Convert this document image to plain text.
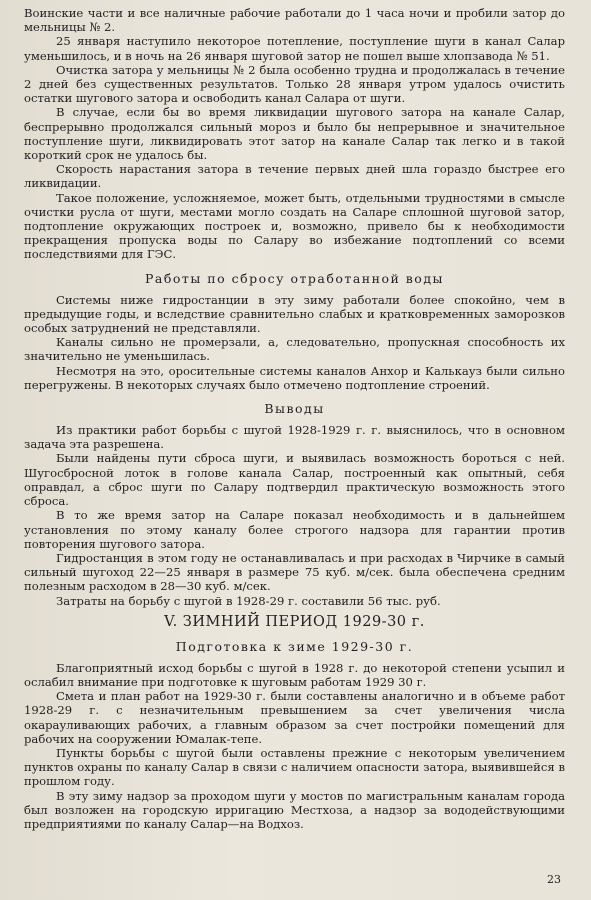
Воинские части и все наличные рабочие работали до 1 часа ночи и пробили затор до мельницы № 2.

25 января наступило некоторое потепление, поступление шуги в канал Салар уменьшилось, и в ночь на 26 января шуговой затор не пошел выше хлопзавода № 51.

Очистка затора у мельницы № 2 была особенно трудна и продолжалась в течение 2 дней без существенных результатов. Только 28 января утром удалось очистить остатки шугового затора и освободить канал Салара от шуги.

В случае, если бы во время ликвидации шугового затора на канале Салар, беспрерывно продолжался сильный мороз и было бы непрерывное и значительное поступление шуги, ликвидировать этот затор на канале Салар так легко и в такой короткий срок не удалось бы.

Скорость нарастания затора в течение первых дней шла гораздо быстрее его ликвидации.

Такое положение, усложняемое, может быть, отдельными трудностями в смысле очистки русла от шуги, местами могло создать на Саларе сплошной шуговой затор, подтопление окружающих построек и, возможно, привело бы к необходимости прекращения пропуска воды по Салару во избежание подтоплений со всеми последствиями для ГЭС.

Работы по сбросу отработанной воды

Системы ниже гидростанции в эту зиму работали более спокойно, чем в предыдущие годы, и вследствие сравнительно слабых и кратковременных заморозков особых затруднений не представляли.

Каналы сильно не промерзали, а, следовательно, пропускная способность их значительно не уменьшилась.

Несмотря на это, оросительные системы каналов Анхор и Калькауз были сильно перегружены. В некоторых случаях было отмечено подтопление строений.

Выводы

Из практики работ борьбы с шугой 1928-1929 г. г. выяснилось, что в основном задача эта разрешена.

Были найдены пути сброса шуги, и выявилась возможность бороться с ней. Шугосбросной лоток в голове канала Салар, построенный как опытный, себя оправдал, а сброс шуги по Салару подтвердил практическую возможность этого сброса.

В то же время затор на Саларе показал необходимость и в дальнейшем установления по этому каналу более строгого надзора для гарантии против повторения шугового затора.

Гидростанция в этом году не останавливалась и при расходах в Чирчике в самый сильный шугоход 22—25 января в размере 75 куб. м/сек. была обеспечена средним полезным расходом в 28—30 куб. м/сек.

Затраты на борьбу с шугой в 1928-29 г. составили 56 тыс. руб.

V. ЗИМНИЙ ПЕРИОД 1929-30 г.
Подготовка к зиме 1929-30 г.

Благоприятный исход борьбы с шугой в 1928 г. до некоторой степени усыпил и ослабил внимание при подготовке к шуговым работам 1929 30 г.

Смета и план работ на 1929-30 г. были составлены аналогично и в объеме работ 1928-29 г. с незначительным превышением за счет увеличения числа окарауливающих рабочих, а главным образом за счет постройки помещений для рабочих на сооружении Юмалак-тепе.

Пункты борьбы с шугой были оставлены прежние с некоторым увеличением пунктов охраны по каналу Салар в связи с наличием опасности затора, выявившейся в прошлом году.

В эту зиму надзор за проходом шуги у мостов по магистральным каналам города был возложен на городскую ирригацию Местхоза, а надзор за вододействующими предприятиями по каналу Салар—на Водхоз.

23
